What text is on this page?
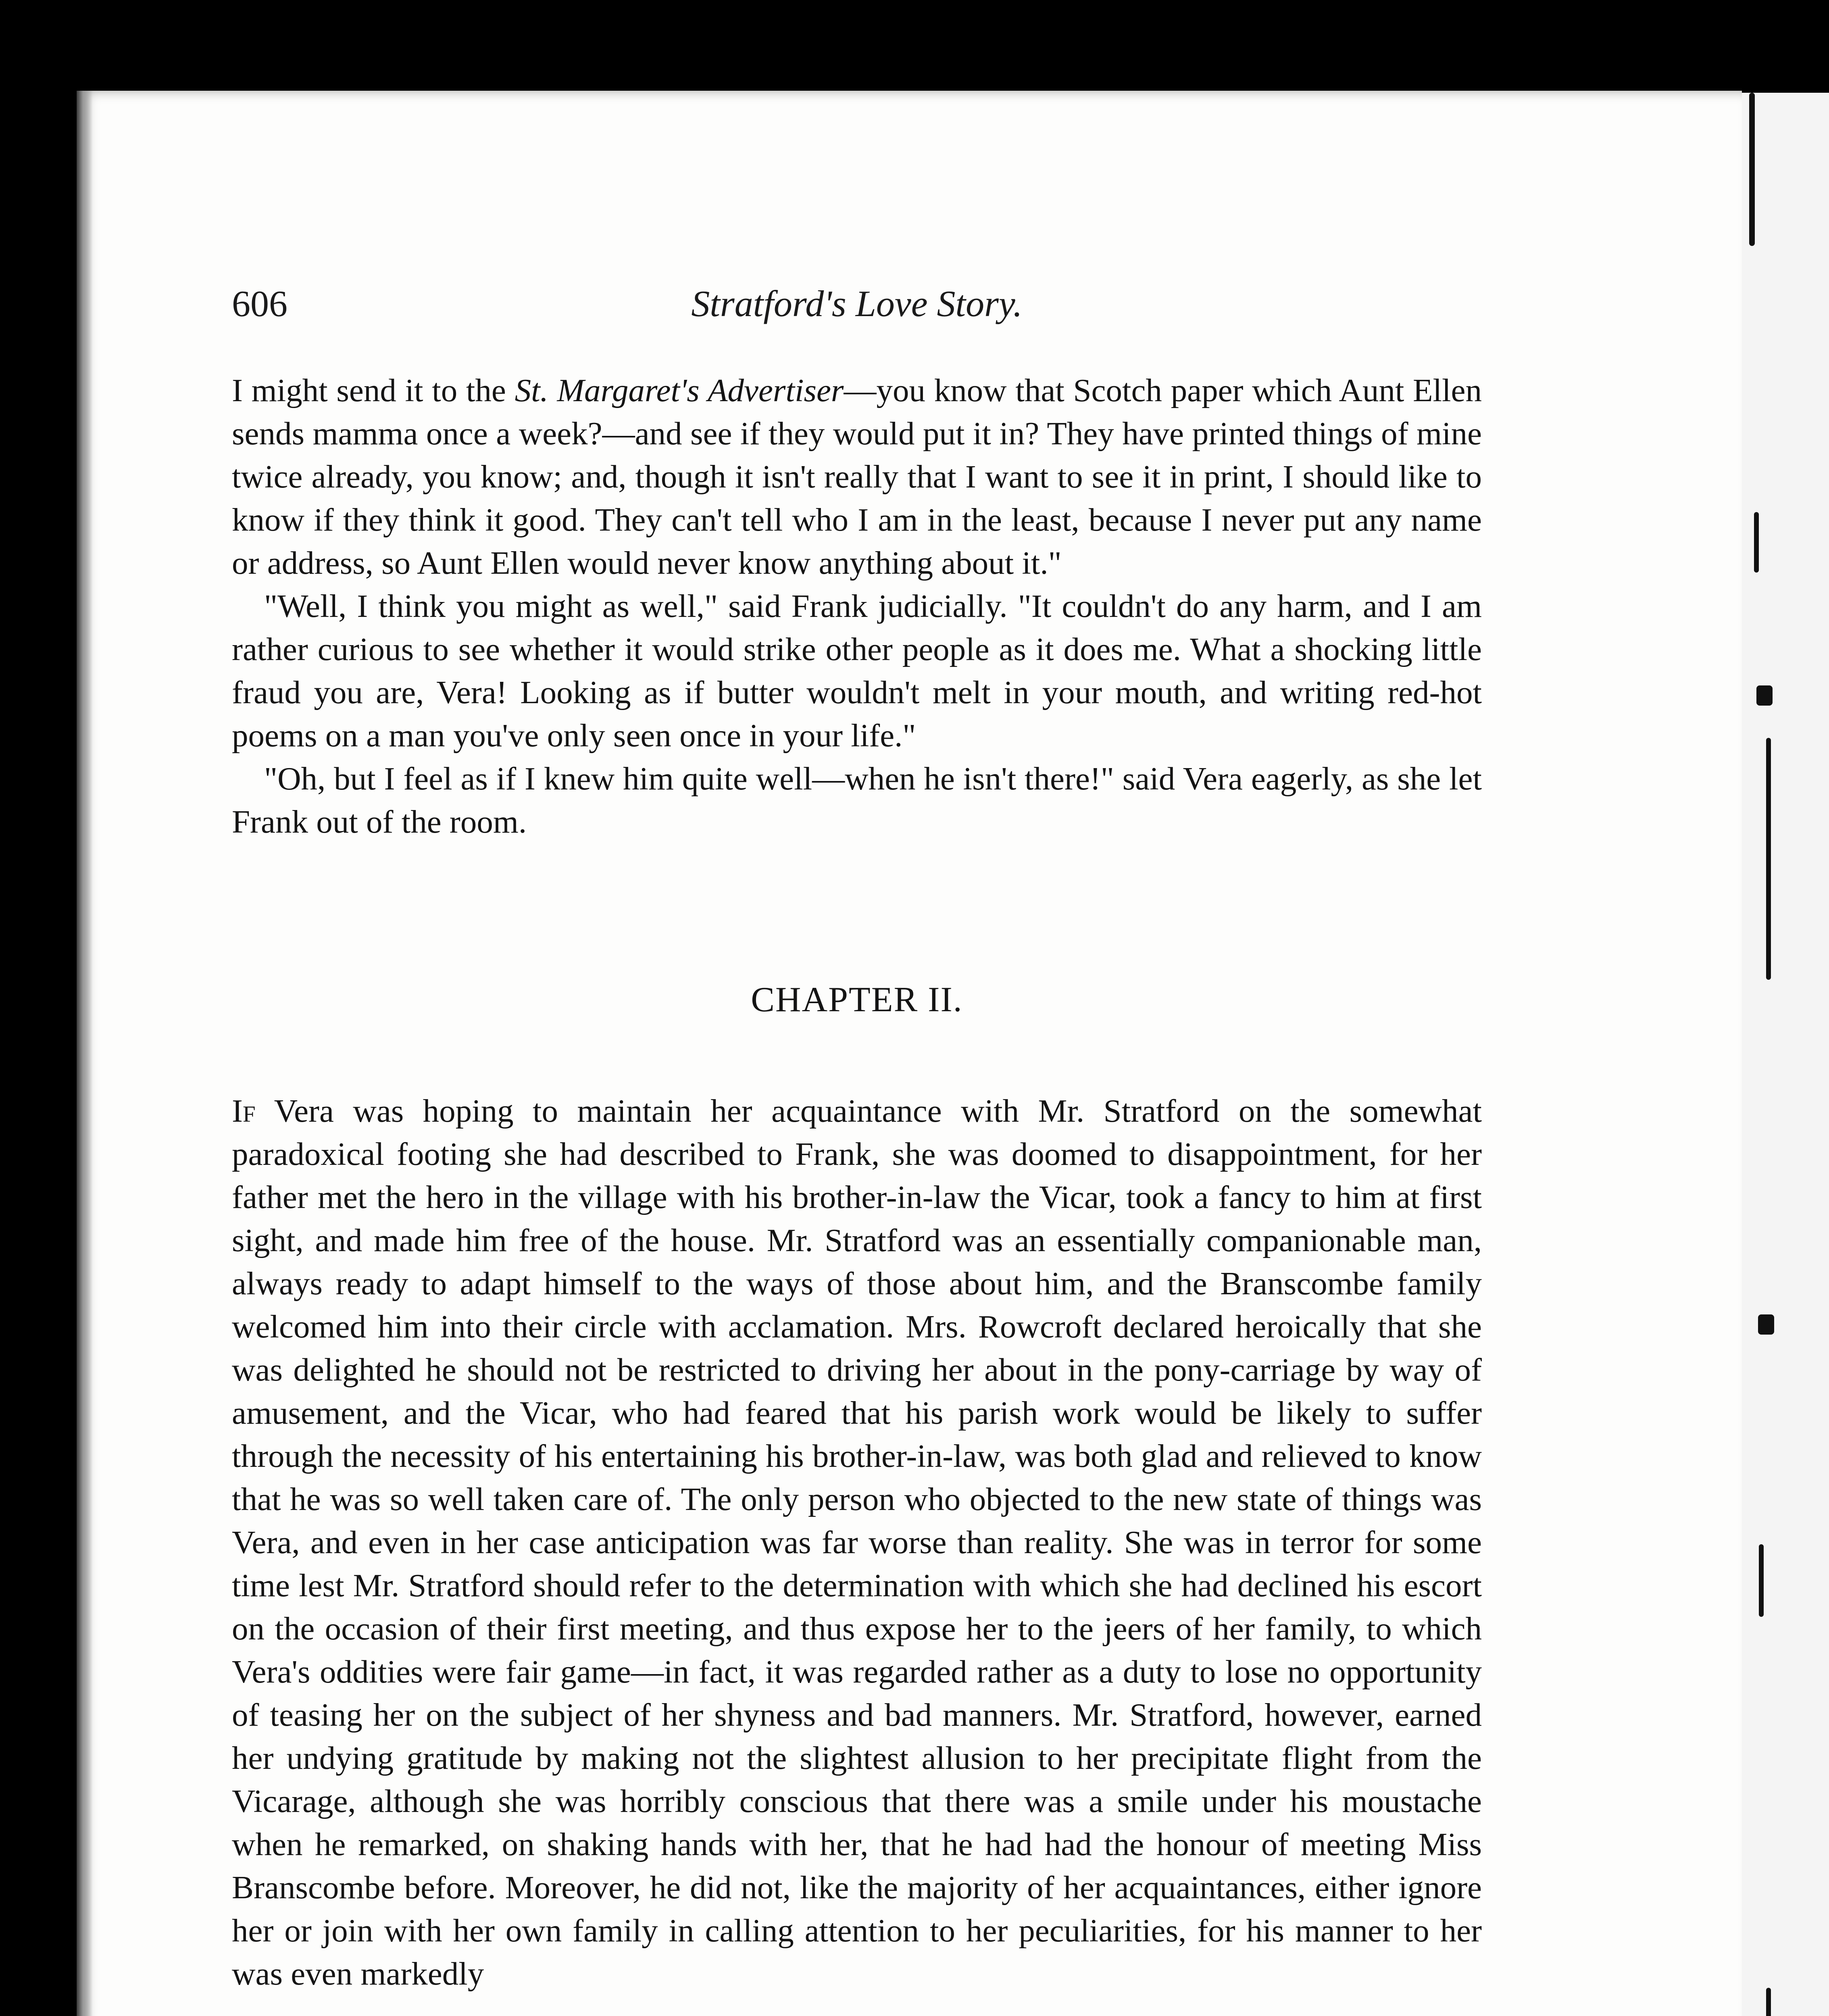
606	Stratford's Love Story.

I might send it to the St. Margaret's Advertiser—you know that Scotch paper which Aunt Ellen sends mamma once a week?—and see if they would put it in? They have printed things of mine twice already, you know; and, though it isn't really that I want to see it in print, I should like to know if they think it good. They can't tell who I am in the least, because I never put any name or address, so Aunt Ellen would never know anything about it."

"Well, I think you might as well," said Frank judicially. "It couldn't do any harm, and I am rather curious to see whether it would strike other people as it does me. What a shocking little fraud you are, Vera! Looking as if butter wouldn't melt in your mouth, and writing red-hot poems on a man you've only seen once in your life."

"Oh, but I feel as if I knew him quite well—when he isn't there!" said Vera eagerly, as she let Frank out of the room.

CHAPTER II.

If Vera was hoping to maintain her acquaintance with Mr. Stratford on the somewhat paradoxical footing she had described to Frank, she was doomed to disappointment, for her father met the hero in the village with his brother-in-law the Vicar, took a fancy to him at first sight, and made him free of the house. Mr. Stratford was an essentially companionable man, always ready to adapt himself to the ways of those about him, and the Branscombe family welcomed him into their circle with acclamation. Mrs. Rowcroft declared heroically that she was delighted he should not be restricted to driving her about in the pony-carriage by way of amusement, and the Vicar, who had feared that his parish work would be likely to suffer through the necessity of his entertaining his brother-in-law, was both glad and relieved to know that he was so well taken care of. The only person who objected to the new state of things was Vera, and even in her case anticipation was far worse than reality. She was in terror for some time lest Mr. Stratford should refer to the determination with which she had declined his escort on the occasion of their first meeting, and thus expose her to the jeers of her family, to which Vera's oddities were fair game—in fact, it was regarded rather as a duty to lose no opportunity of teasing her on the subject of her shyness and bad manners. Mr. Stratford, however, earned her undying gratitude by making not the slightest allusion to her precipitate flight from the Vicarage, although she was horribly conscious that there was a smile under his moustache when he remarked, on shaking hands with her, that he had had the honour of meeting Miss Branscombe before. Moreover, he did not, like the majority of her acquaintances, either ignore her or join with her own family in calling attention to her peculiarities, for his manner to her was even markedly
